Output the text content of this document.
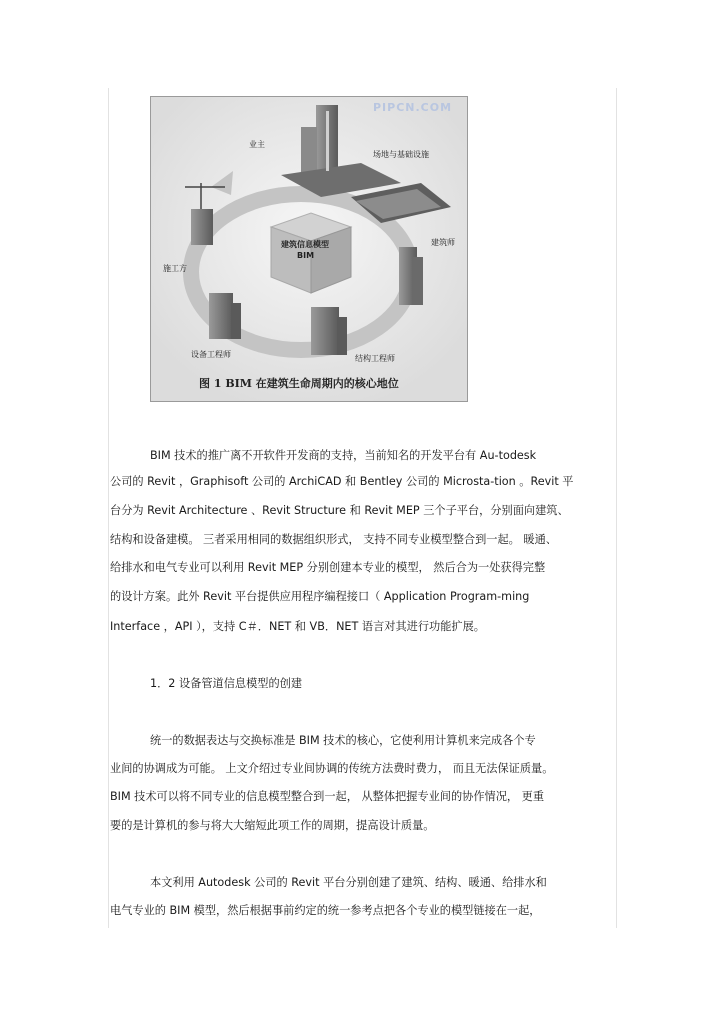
PIPCN.COM
业主
场地与基础设施
建筑师
结构工程师
设备工程师
施工方
建筑信息模型
BIM
图 1 BIM 在建筑生命周期内的核心地位
BIM 技术的推广离不开软件开发商的支持，当前知名的开发平台有 Au-todesk
公司的 Revit ，Graphisoft 公司的 ArchiCAD 和 Bentley 公司的 Microsta-tion 。Revit 平
台分为 Revit Architecture 、Revit Structure 和 Revit MEP 三个子平台，分别面向建筑、
结构和设备建模。 三者采用相同的数据组织形式， 支持不同专业模型整合到一起。 暖通、
给排水和电气专业可以利用 Revit MEP 分别创建本专业的模型， 然后合为一处获得完整
的设计方案。此外 Revit 平台提供应用程序编程接口（ Application Program-ming
Interface ，API ），支持 C＃．NET 和 VB．NET 语言对其进行功能扩展。
1．2 设备管道信息模型的创建
统一的数据表达与交换标准是 BIM 技术的核心，它使利用计算机来完成各个专
业间的协调成为可能。 上文介绍过专业间协调的传统方法费时费力， 而且无法保证质量。
BIM 技术可以将不同专业的信息模型整合到一起， 从整体把握专业间的协作情况， 更重
要的是计算机的参与将大大缩短此项工作的周期，提高设计质量。
本文利用 Autodesk 公司的 Revit 平台分别创建了建筑、结构、暖通、给排水和
电气专业的 BIM 模型，然后根据事前约定的统一参考点把各个专业的模型链接在一起，
